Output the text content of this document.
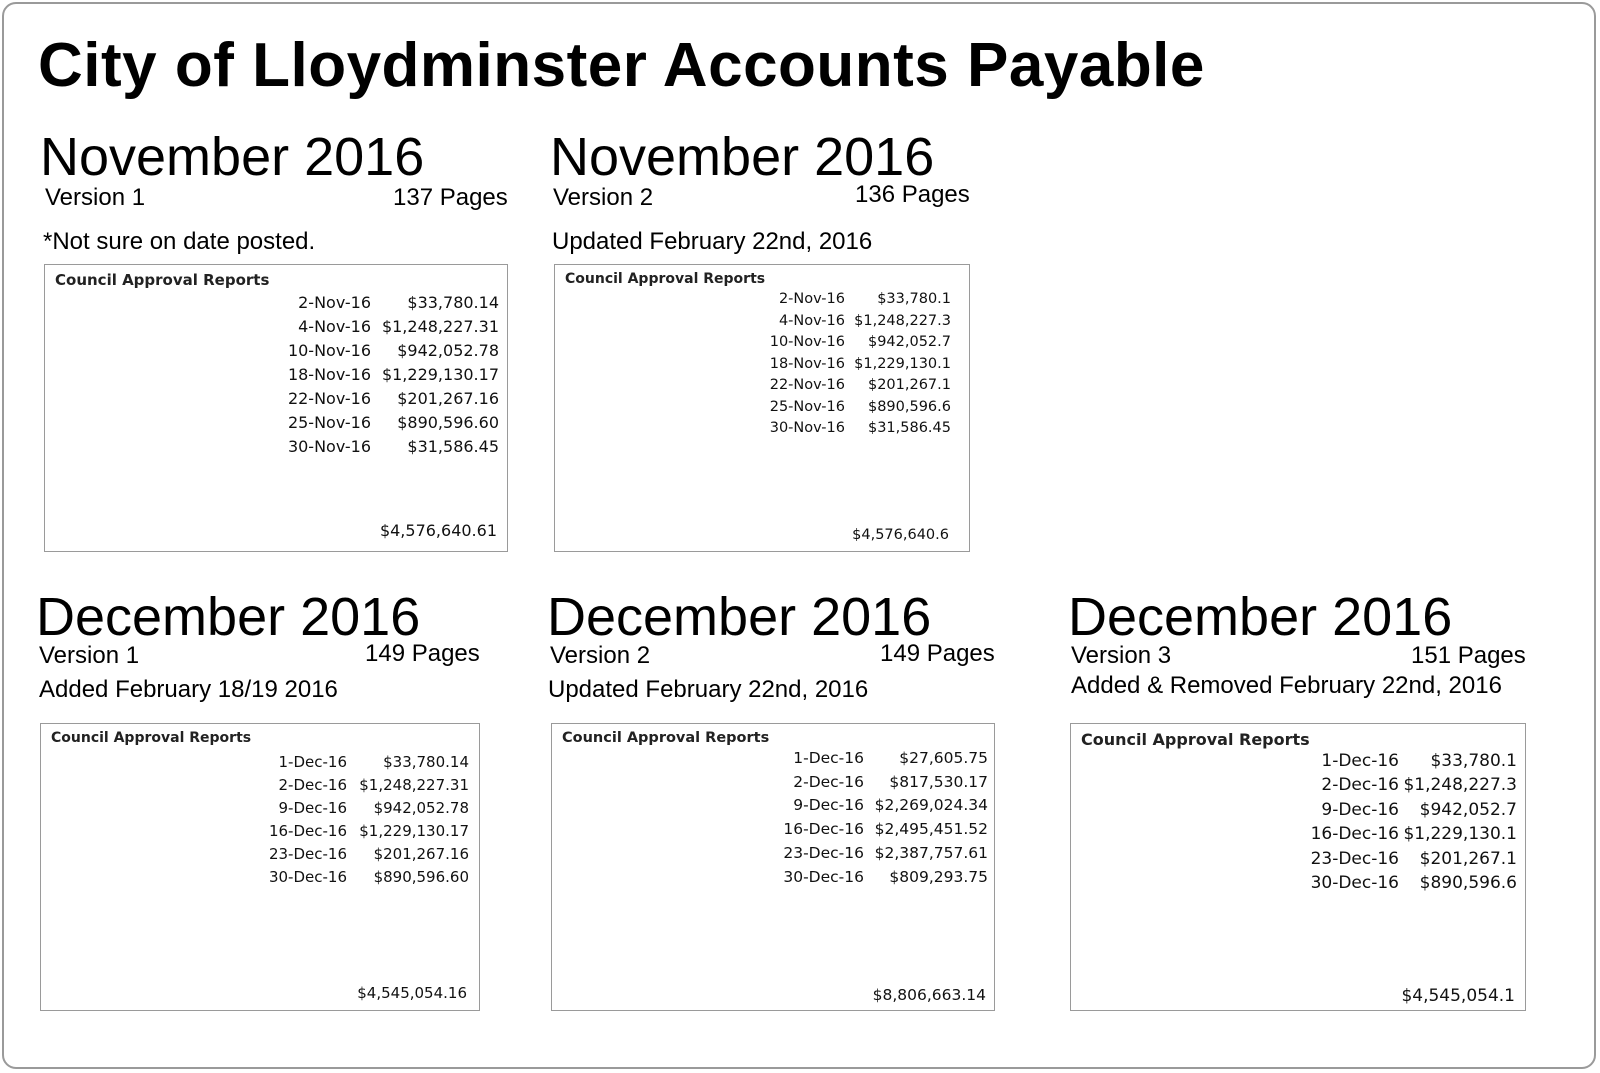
City of Lloydminster Accounts Payable
November 2016
Version 1	137 Pages
*Not sure on date posted.
Council Approval Reports
2-Nov-16 $33,780.14
4-Nov-16 $1,248,227.31
10-Nov-16 $942,052.78
18-Nov-16 $1,229,130.17
22-Nov-16 $201,267.16
25-Nov-16 $890,596.60
30-Nov-16 $31,586.45
$4,576,640.61
November 2016
Version 2	136 Pages
Updated February 22nd, 2016
Council Approval Reports
2-Nov-16 $33,780.1
4-Nov-16 $1,248,227.3
10-Nov-16 $942,052.7
18-Nov-16 $1,229,130.1
22-Nov-16 $201,267.1
25-Nov-16 $890,596.6
30-Nov-16 $31,586.45
$4,576,640.6
December 2016
Version 1	149 Pages
Added February 18/19 2016
Council Approval Reports
1-Dec-16 $33,780.14
2-Dec-16 $1,248,227.31
9-Dec-16 $942,052.78
16-Dec-16 $1,229,130.17
23-Dec-16 $201,267.16
30-Dec-16 $890,596.60
$4,545,054.16
December 2016
Version 2	149 Pages
Updated February 22nd, 2016
Council Approval Reports
1-Dec-16 $27,605.75
2-Dec-16 $817,530.17
9-Dec-16 $2,269,024.34
16-Dec-16 $2,495,451.52
23-Dec-16 $2,387,757.61
30-Dec-16 $809,293.75
$8,806,663.14
December 2016
Version 3	151 Pages
Added & Removed February 22nd, 2016
Council Approval Reports
1-Dec-16 $33,780.1
2-Dec-16 $1,248,227.3
9-Dec-16 $942,052.7
16-Dec-16 $1,229,130.1
23-Dec-16 $201,267.1
30-Dec-16 $890,596.6
$4,545,054.1
